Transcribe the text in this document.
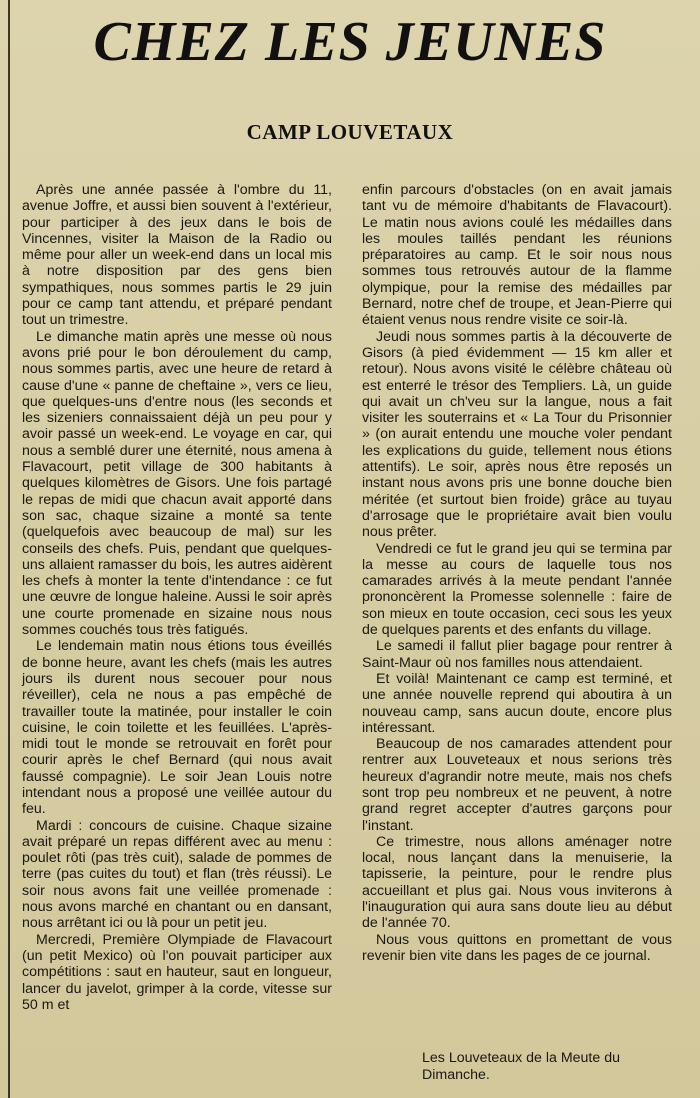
CHEZ LES JEUNES
CAMP LOUVETAUX

Après une année passée à l'ombre du 11, avenue Joffre, et aussi bien souvent à l'extérieur, pour participer à des jeux dans le bois de Vincennes, visiter la Maison de la Radio ou même pour aller un week-end dans un local mis à notre disposition par des gens bien sympathiques, nous sommes partis le 29 juin pour ce camp tant attendu, et préparé pendant tout un trimestre.

Le dimanche matin après une messe où nous avons prié pour le bon déroulement du camp, nous sommes partis, avec une heure de retard à cause d'une « panne de cheftaine », vers ce lieu, que quelques-uns d'entre nous (les seconds et les sizeniers connaissaient déjà un peu pour y avoir passé un week-end. Le voyage en car, qui nous a semblé durer une éternité, nous amena à Flavacourt, petit village de 300 habitants à quelques kilomètres de Gisors. Une fois partagé le repas de midi que chacun avait apporté dans son sac, chaque sizaine a monté sa tente (quelquefois avec beaucoup de mal) sur les conseils des chefs. Puis, pendant que quelques-uns allaient ramasser du bois, les autres aidèrent les chefs à monter la tente d'intendance : ce fut une œuvre de longue haleine. Aussi le soir après une courte promenade en sizaine nous nous sommes couchés tous très fatigués.

Le lendemain matin nous étions tous éveillés de bonne heure, avant les chefs (mais les autres jours ils durent nous secouer pour nous réveiller), cela ne nous a pas empêché de travailler toute la matinée, pour installer le coin cuisine, le coin toilette et les feuillées. L'après-midi tout le monde se retrouvait en forêt pour courir après le chef Bernard (qui nous avait faussé compagnie). Le soir Jean Louis notre intendant nous a proposé une veillée autour du feu.

Mardi : concours de cuisine. Chaque sizaine avait préparé un repas différent avec au menu : poulet rôti (pas très cuit), salade de pommes de terre (pas cuites du tout) et flan (très réussi). Le soir nous avons fait une veillée promenade : nous avons marché en chantant ou en dansant, nous arrêtant ici ou là pour un petit jeu.

Mercredi, Première Olympiade de Flavacourt (un petit Mexico) où l'on pouvait participer aux compétitions : saut en hauteur, saut en longueur, lancer du javelot, grimper à la corde, vitesse sur 50 m et

enfin parcours d'obstacles (on en avait jamais tant vu de mémoire d'habitants de Flavacourt). Le matin nous avions coulé les médailles dans les moules taillés pendant les réunions préparatoires au camp. Et le soir nous nous sommes tous retrouvés autour de la flamme olympique, pour la remise des médailles par Bernard, notre chef de troupe, et Jean-Pierre qui étaient venus nous rendre visite ce soir-là.

Jeudi nous sommes partis à la découverte de Gisors (à pied évidemment — 15 km aller et retour). Nous avons visité le célèbre château où est enterré le trésor des Templiers. Là, un guide qui avait un ch'veu sur la langue, nous a fait visiter les souterrains et « La Tour du Prisonnier » (on aurait entendu une mouche voler pendant les explications du guide, tellement nous étions attentifs). Le soir, après nous être reposés un instant nous avons pris une bonne douche bien méritée (et surtout bien froide) grâce au tuyau d'arrosage que le propriétaire avait bien voulu nous prêter.

Vendredi ce fut le grand jeu qui se termina par la messe au cours de laquelle tous nos camarades arrivés à la meute pendant l'année prononcèrent la Promesse solennelle : faire de son mieux en toute occasion, ceci sous les yeux de quelques parents et des enfants du village.

Le samedi il fallut plier bagage pour rentrer à Saint-Maur où nos familles nous attendaient.

Et voilà! Maintenant ce camp est terminé, et une année nouvelle reprend qui aboutira à un nouveau camp, sans aucun doute, encore plus intéressant.

Beaucoup de nos camarades attendent pour rentrer aux Louveteaux et nous serions très heureux d'agrandir notre meute, mais nos chefs sont trop peu nombreux et ne peuvent, à notre grand regret accepter d'autres garçons pour l'instant.

Ce trimestre, nous allons aménager notre local, nous lançant dans la menuiserie, la tapisserie, la peinture, pour le rendre plus accueillant et plus gai. Nous vous inviterons à l'inauguration qui aura sans doute lieu au début de l'année 70.

Nous vous quittons en promettant de vous revenir bien vite dans les pages de ce journal.

Les Louveteaux de la Meute du Dimanche.
